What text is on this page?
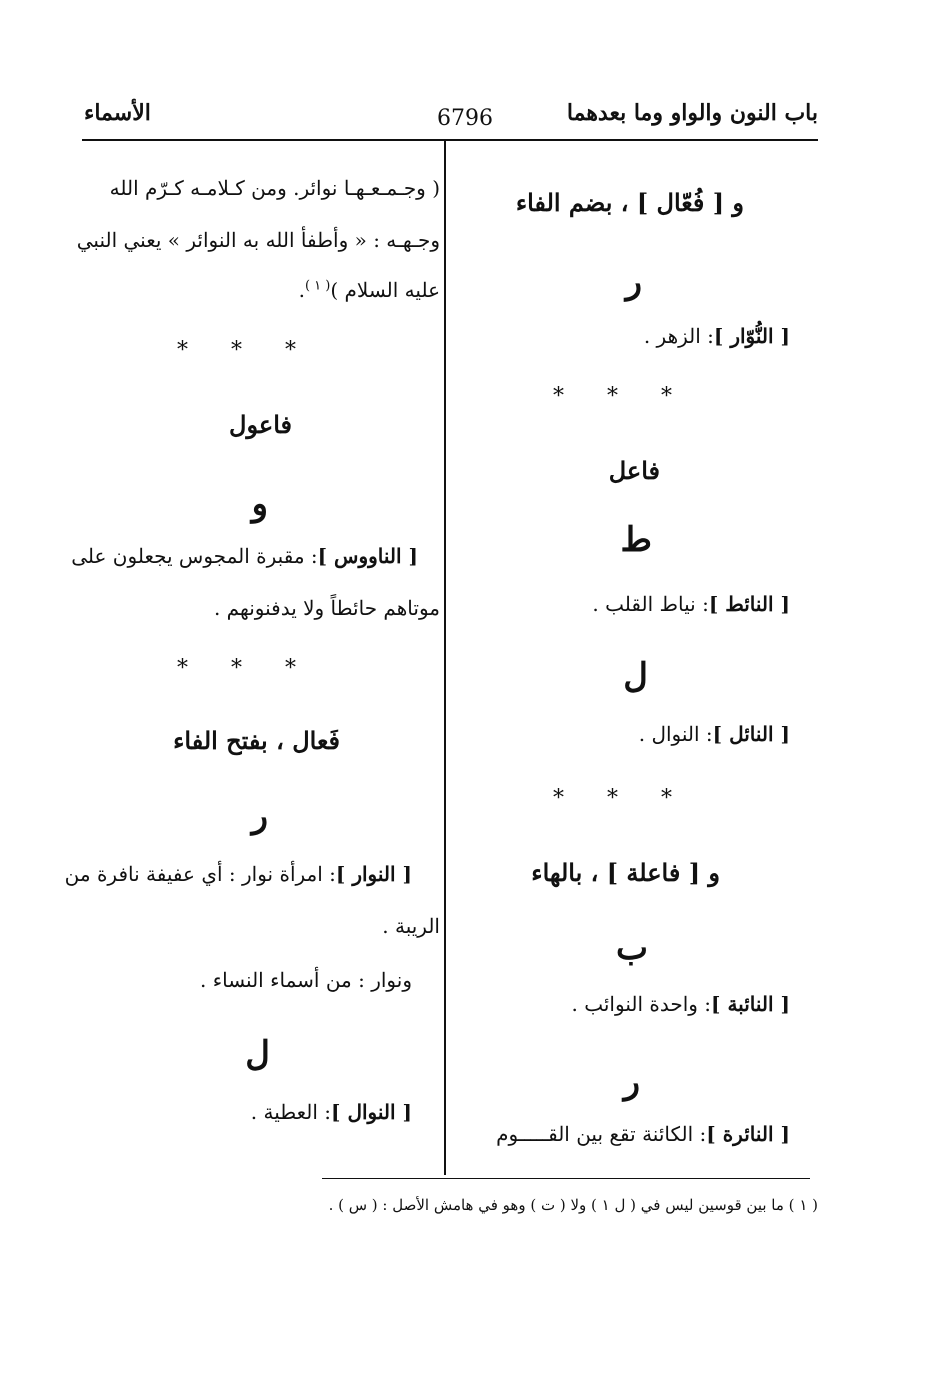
باب النون والواو وما بعدهما
6796
الأسماء
و [ فُعّال ] ، بضم الفاء
ر
[ النُّوّار ]: الزهر .
* * *
فاعل
ط
[ النائط ]: نياط القلب .
ل
[ النائل ]: النوال .
* * *
و [ فاعلة ] ، بالهاء
ب
[ النائبة ]: واحدة النوائب .
ر
[ النائرة ]: الكائنة تقع بين القـــــوم
( وجـمـعـهـا نوائر. ومن كـلامـه كـرّم الله
وجـهـه : « وأطفأ الله به النوائر » يعني النبي
عليه السلام )$^{( ١ )}$.
* * *
فاعول
و
[ الناووس ]: مقبرة المجوس يجعلون على
موتاهم حائطاً ولا يدفنونهم .
* * *
فَعال ، بفتح الفاء
ر
[ النوار ]: امرأة نوار : أي عفيفة نافرة من
الريبة .
ونوار : من أسماء النساء .
ل
[ النوال ]: العطية .
( ١ ) ما بين قوسين ليس في ( ل ١ ) ولا ( ت ) وهو في هامش الأصل : ( س ) .
